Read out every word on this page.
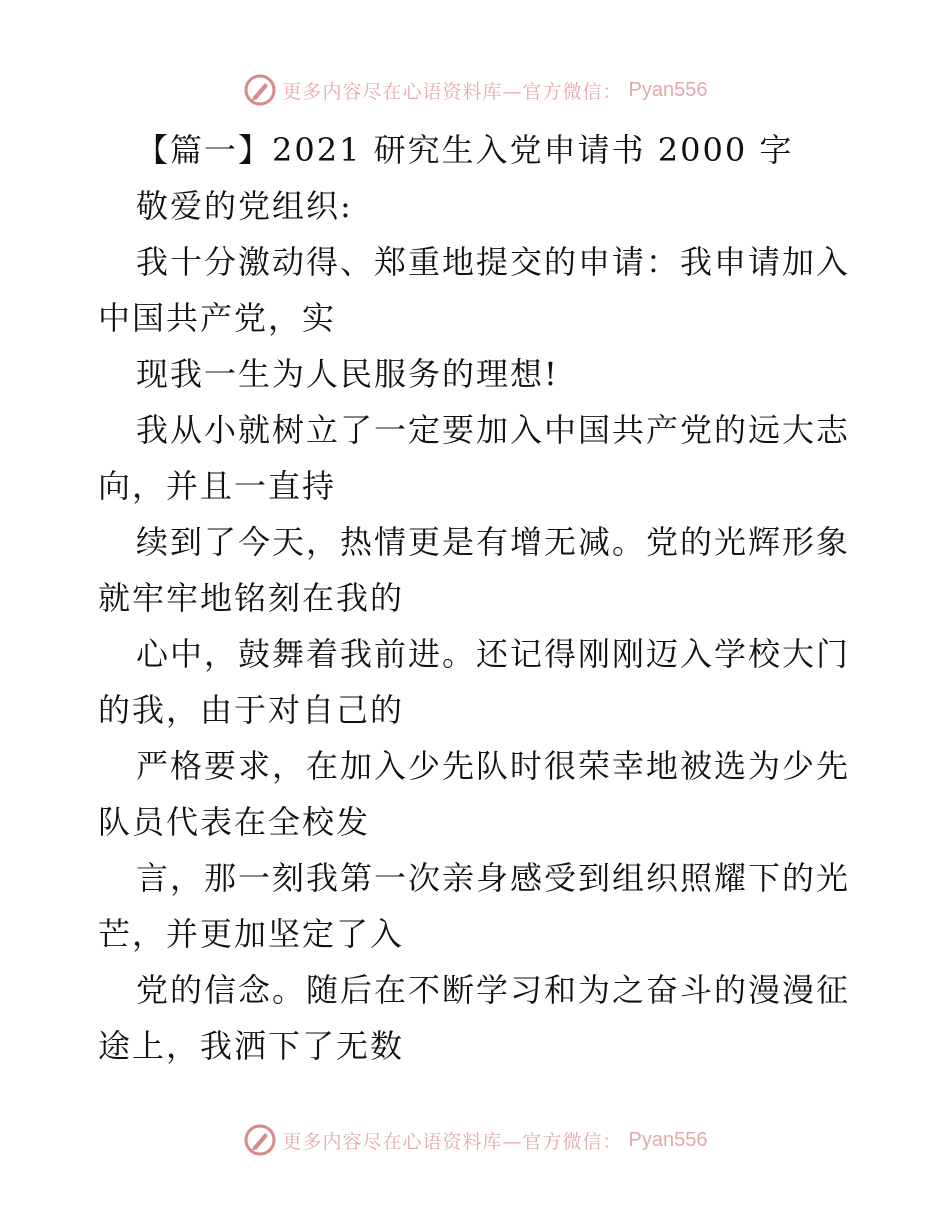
更多内容尽在心语资料库—官方微信： Pyan556
【篇一】2021 研究生入党申请书 2000 字
敬爱的党组织:
我十分激动得、郑重地提交的申请：我申请加入
中国共产党，实
现我一生为人民服务的理想!
我从小就树立了一定要加入中国共产党的远大志
向，并且一直持
续到了今天，热情更是有增无减。党的光辉形象
就牢牢地铭刻在我的
心中，鼓舞着我前进。还记得刚刚迈入学校大门
的我，由于对自己的
严格要求，在加入少先队时很荣幸地被选为少先
队员代表在全校发
言，那一刻我第一次亲身感受到组织照耀下的光
芒，并更加坚定了入
党的信念。随后在不断学习和为之奋斗的漫漫征
途上，我洒下了无数
更多内容尽在心语资料库—官方微信： Pyan556
